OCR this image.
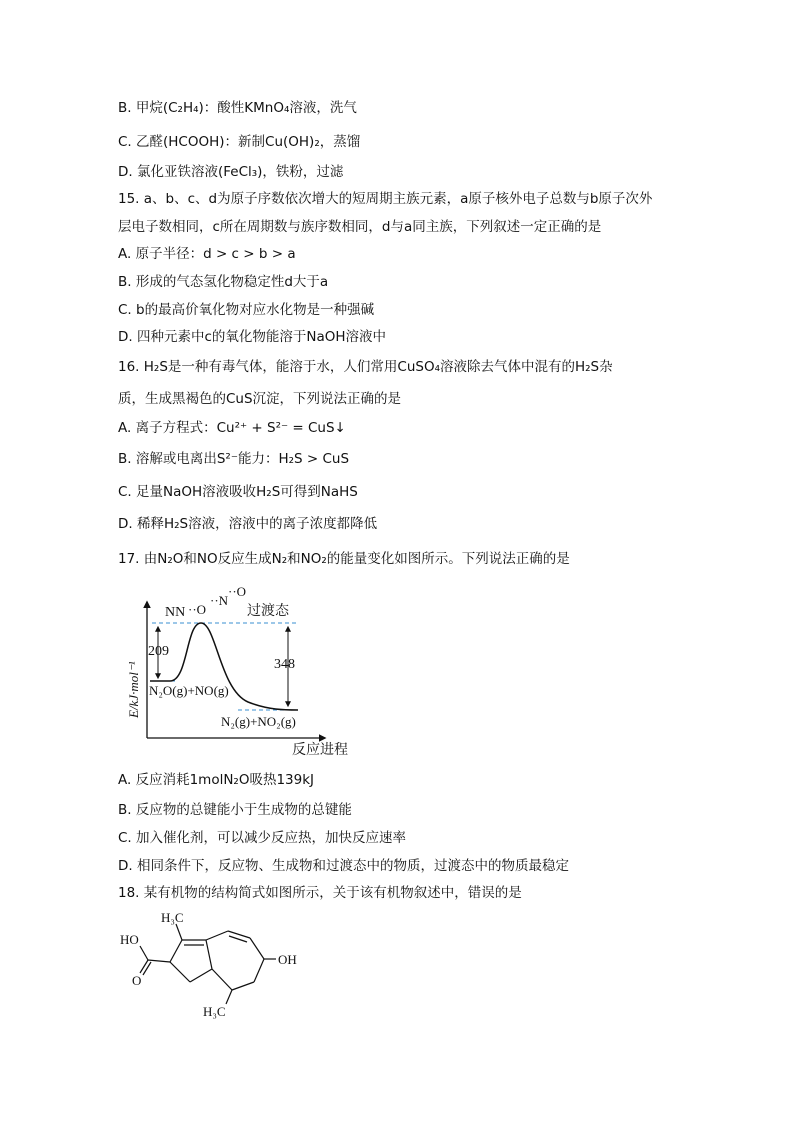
B. 甲烷(C₂H₄)：酸性KMnO₄溶液，洗气
C. 乙醛(HCOOH)：新制Cu(OH)₂，蒸馏
D. 氯化亚铁溶液(FeCl₃)，铁粉，过滤
15. a、b、c、d为原子序数依次增大的短周期主族元素，a原子核外电子总数与b原子次外
层电子数相同，c所在周期数与族序数相同，d与a同主族，下列叙述一定正确的是
A. 原子半径：d > c > b > a
B. 形成的气态氢化物稳定性d大于a
C. b的最高价氧化物对应水化物是一种强碱
D. 四种元素中c的氧化物能溶于NaOH溶液中
16. H₂S是一种有毒气体，能溶于水，人们常用CuSO₄溶液除去气体中混有的H₂S杂
质，生成黑褐色的CuS沉淀，下列说法正确的是
A. 离子方程式：Cu²⁺ + S²⁻ = CuS↓
B. 溶解或电离出S²⁻能力：H₂S > CuS
C. 足量NaOH溶液吸收H₂S可得到NaHS
D. 稀释H₂S溶液，溶液中的离子浓度都降低
17. 由N₂O和NO反应生成N₂和NO₂的能量变化如图所示。下列说法正确的是
E/kJ·mol⁻¹
反应进程
过渡态
NN ··O
··N
··O
209
348
N₂O(g)+NO(g)
N₂(g)+NO₂(g)
A. 反应消耗1molN₂O吸热139kJ
B. 反应物的总键能小于生成物的总键能
C. 加入催化剂，可以减少反应热，加快反应速率
D. 相同条件下，反应物、生成物和过渡态中的物质，过渡态中的物质最稳定
18. 某有机物的结构简式如图所示，关于该有机物叙述中，错误的是
H₃C
HO
O
OH
H₃C
